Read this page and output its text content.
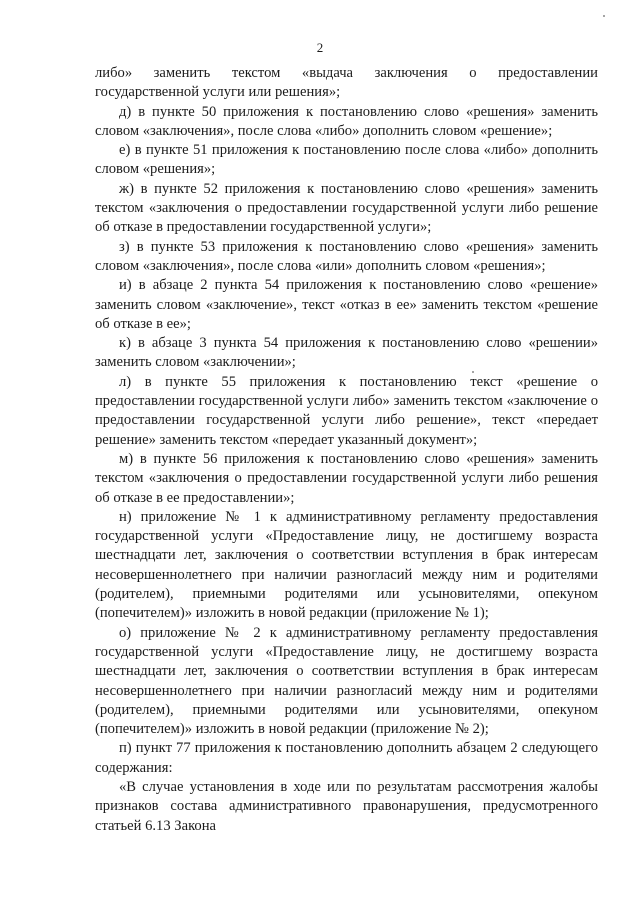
2

либо» заменить текстом «выдача заключения о предоставлении государственной услуги или решения»;

д) в пункте 50 приложения к постановлению слово «решения» заменить словом «заключения», после слова «либо» дополнить словом «решение»;

е) в пункте 51 приложения к постановлению после слова «либо» дополнить словом «решения»;

ж) в пункте 52 приложения к постановлению слово «решения» заменить текстом «заключения о предоставлении государственной услуги либо решение об отказе в предоставлении государственной услуги»;

з) в пункте 53 приложения к постановлению слово «решения» заменить словом «заключения», после слова «или» дополнить словом «решения»;

и) в абзаце 2 пункта 54 приложения к постановлению слово «решение» заменить словом «заключение», текст «отказ в ее» заменить текстом «решение об отказе в ее»;

к) в абзаце 3 пункта 54 приложения к постановлению слово «решении» заменить словом «заключении»;

л) в пункте 55 приложения к постановлению текст «решение о предоставлении государственной услуги либо» заменить текстом «заключение о предоставлении государственной услуги либо решение», текст «передает решение» заменить текстом «передает указанный документ»;

м) в пункте 56 приложения к постановлению слово «решения» заменить текстом «заключения о предоставлении государственной услуги либо решения об отказе в ее предоставлении»;

н) приложение № 1 к административному регламенту предоставления государственной услуги «Предоставление лицу, не достигшему возраста шестнадцати лет, заключения о соответствии вступления в брак интересам несовершеннолетнего при наличии разногласий между ним и родителями (родителем), приемными родителями или усыновителями, опекуном (попечителем)» изложить в новой редакции (приложение № 1);

о) приложение № 2 к административному регламенту предоставления государственной услуги «Предоставление лицу, не достигшему возраста шестнадцати лет, заключения о соответствии вступления в брак интересам несовершеннолетнего при наличии разногласий между ним и родителями (родителем), приемными родителями или усыновителями, опекуном (попечителем)» изложить в новой редакции (приложение № 2);

п) пункт 77 приложения к постановлению дополнить абзацем 2 следующего содержания:

«В случае установления в ходе или по результатам рассмотрения жалобы признаков состава административного правонарушения, предусмотренного статьей 6.13 Закона
